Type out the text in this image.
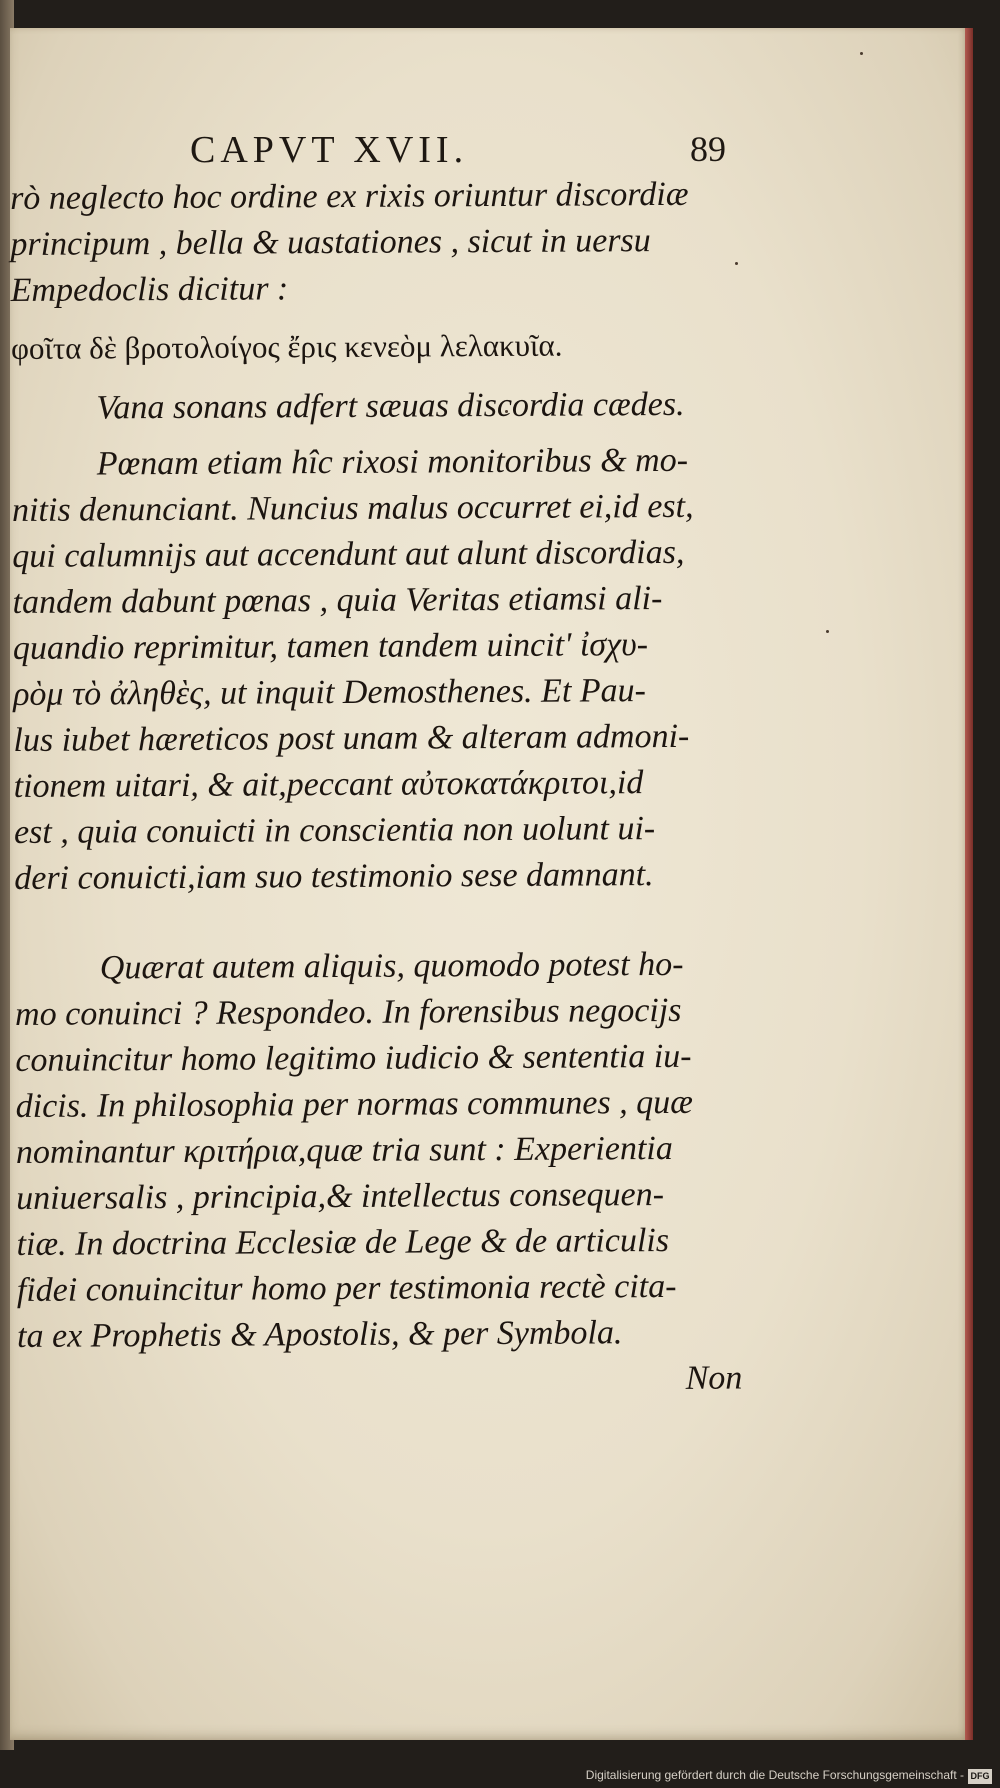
CAPVT XVII.	89
rò neglecto hoc ordine ex rixis oriuntur discordiæ
principum , bella & uastationes , sicut in uersu
Empedoclis dicitur :
φοῖτα δὲ βροτολοίγος ἔρις κενεὸμ λελακυῖα.
Vana sonans adfert sæuas discordia cædes.
Pœnam etiam hîc rixosi monitoribus & mo-
nitis denunciant. Nuncius malus occurret ei,id est,
qui calumnijs aut accendunt aut alunt discordias,
tandem dabunt pœnas , quia Veritas etiamsi ali-
quandio reprimitur, tamen tandem uincit' ἰσχυ-
ρὸμ τὸ ἀληθὲς, ut inquit Demosthenes. Et Pau-
lus iubet hæreticos post unam & alteram admoni-
tionem uitari, & ait,peccant αὐτοκατάκριτοι,id
est , quia conuicti in conscientia non uolunt ui-
deri conuicti,iam suo testimonio sese damnant.
Quærat autem aliquis, quomodo potest ho-
mo conuinci ? Respondeo. In forensibus negocijs
conuincitur homo legitimo iudicio & sententia iu-
dicis. In philosophia per normas communes , quæ
nominantur κριτήρια,quæ tria sunt : Experientia
uniuersalis , principia,& intellectus consequen-
tiæ. In doctrina Ecclesiæ de Lege & de articulis
fidei conuincitur homo per testimonia rectè cita-
ta ex Prophetis & Apostolis, & per Symbola.
Non
Digitalisierung gefördert durch die Deutsche Forschungsgemeinschaft - DFG
